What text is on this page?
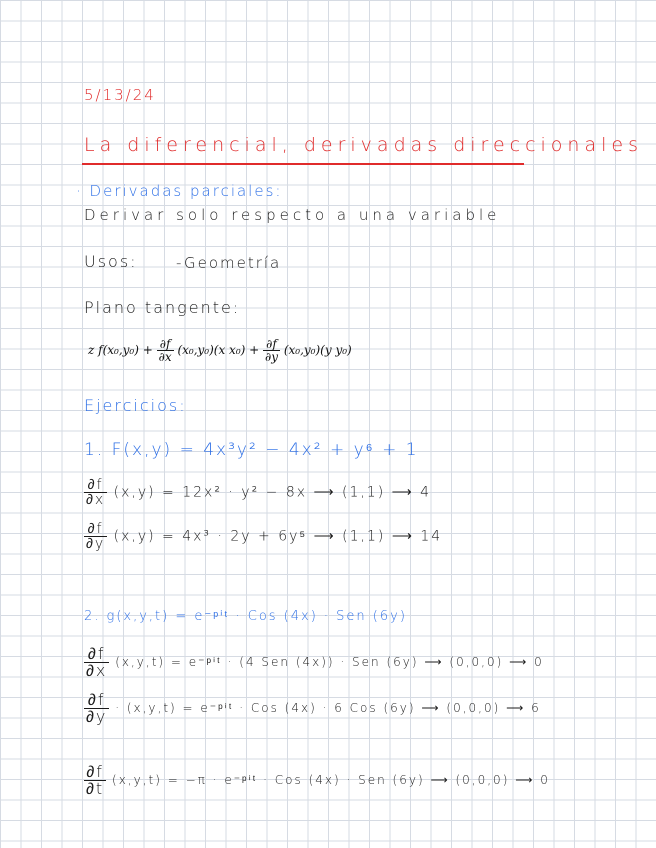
5/13/24
La diferencial, derivadas direccionales
· Derivadas parciales:
Derivar solo respecto a una variable
Usos:	-Geometría
Plano tangente:
z $f(x_0,y_0) + \frac{\partial f}{\partial x} (x_0,y_0)(x$ $x_0) + \frac{\partial f}{\partial y} (x_0,y_0)(y$ y₀)
Ejercicios:
1. F(x,y) = 4x³y² − 4x² + y⁶ + 1
$\frac{\partial f}{\partial x} (x,y) = 12x^2 \cdot y^2 - 8x$ ⟶ (1,1) ⟶ 4
$\frac{\partial f}{\partial y} (x,y) = 4x^3 \cdot 2y + 6y^5$ ⟶ (1,1) ⟶ 14
2. g(x,y,t) = e⁻ᵖⁱᵗ · Cos (4x) · Sen (6y)
$\frac{\partial f}{\partial x} (x,y,t)$ = e⁻ᵖⁱᵗ · (4 Sen (4x)) · Sen (6y) ⟶ (0,0,0) ⟶ 0
$\frac{\partial f}{\partial y} \cdot (x,y,t)$ = e⁻ᵖⁱᵗ · Cos (4x) · 6 Cos (6y) ⟶ (0,0,0) ⟶ 6
$\frac{\partial f}{\partial t} (x,y,t) = -\pi$ · e⁻ᵖⁱᵗ · Cos (4x) · Sen (6y) ⟶ (0,0,0) ⟶ 0
